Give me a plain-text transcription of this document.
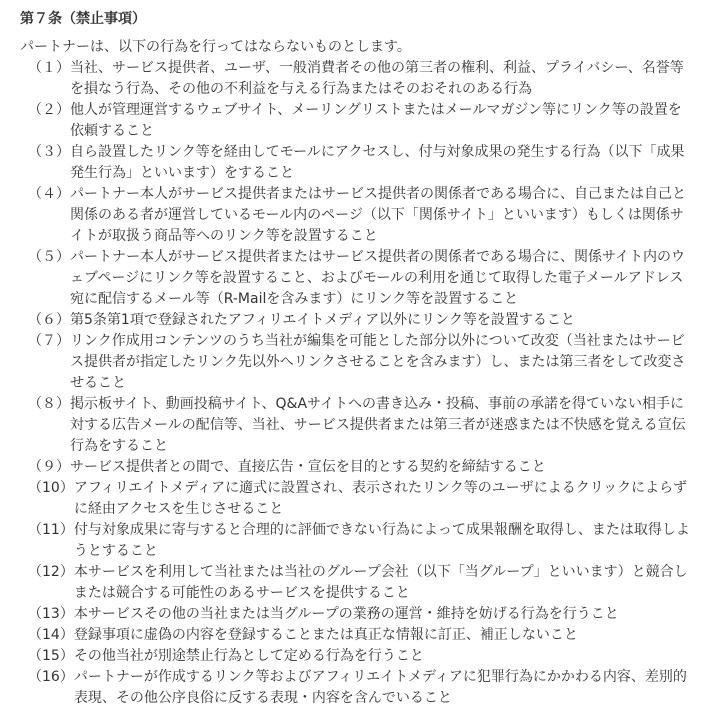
第７条（禁止事項）

パートナーは、以下の行為を行ってはならないものとします。

（１） 当社、サービス提供者、ユーザ、一般消費者その他の第三者の権利、利益、プライバシー、名誉等を損なう行為、その他の不利益を与える行為またはそのおそれのある行為
（２） 他人が管理運営するウェブサイト、メーリングリストまたはメールマガジン等にリンク等の設置を依頼すること
（３） 自ら設置したリンク等を経由してモールにアクセスし、付与対象成果の発生する行為（以下「成果発生行為」といいます）をすること
（４） パートナー本人がサービス提供者またはサービス提供者の関係者である場合に、自己または自己と関係のある者が運営しているモール内のページ（以下「関係サイト」といいます）もしくは関係サイトが取扱う商品等へのリンク等を設置すること
（５） パートナー本人がサービス提供者またはサービス提供者の関係者である場合に、関係サイト内のウェブページにリンク等を設置すること、およびモールの利用を通じて取得した電子メールアドレス宛に配信するメール等（R-Mailを含みます）にリンク等を設置すること
（６） 第5条第1項で登録されたアフィリエイトメディア以外にリンク等を設置すること
（７） リンク作成用コンテンツのうち当社が編集を可能とした部分以外について改変（当社またはサービス提供者が指定したリンク先以外へリンクさせることを含みます）し、または第三者をして改変させること
（８） 掲示板サイト、動画投稿サイト、Q&Aサイトへの書き込み・投稿、事前の承諾を得ていない相手に対する広告メールの配信等、当社、サービス提供者または第三者が迷惑または不快感を覚える宣伝行為をすること
（９） サービス提供者との間で、直接広告・宣伝を目的とする契約を締結すること
（10） アフィリエイトメディアに適式に設置され、表示されたリンク等のユーザによるクリックによらずに経由アクセスを生じさせること
（11） 付与対象成果に寄与すると合理的に評価できない行為によって成果報酬を取得し、または取得しようとすること
（12） 本サービスを利用して当社または当社のグループ会社（以下「当グループ」といいます）と競合しまたは競合する可能性のあるサービスを提供すること
（13） 本サービスその他の当社または当グループの業務の運営・維持を妨げる行為を行うこと
（14） 登録事項に虚偽の内容を登録することまたは真正な情報に訂正、補正しないこと
（15） その他当社が別途禁止行為として定める行為を行うこと
（16） パートナーが作成するリンク等およびアフィリエイトメディアに犯罪行為にかかわる内容、差別的表現、その他公序良俗に反する表現・内容を含んでいること
